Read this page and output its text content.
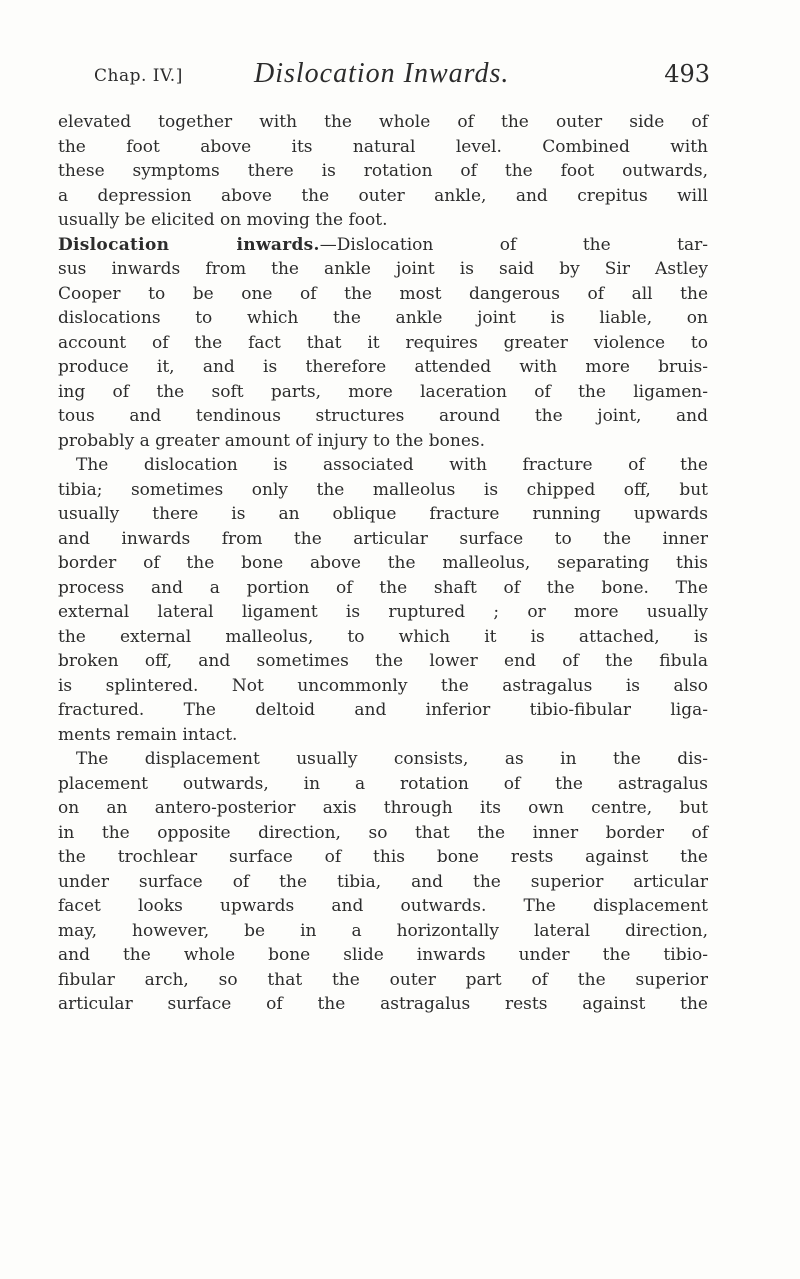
Chap. IV.]	Dislocation Inwards.	493
elevated together with the whole of the outer side of
the foot above its natural level. Combined with
these symptoms there is rotation of the foot outwards,
a depression above the outer ankle, and crepitus will
usually be elicited on moving the foot.
Dislocation inwards.—Dislocation of the tar-
sus inwards from the ankle joint is said by Sir Astley
Cooper to be one of the most dangerous of all the
dislocations to which the ankle joint is liable, on
account of the fact that it requires greater violence to
produce it, and is therefore attended with more bruis-
ing of the soft parts, more laceration of the ligamen-
tous and tendinous structures around the joint, and
probably a greater amount of injury to the bones.
The dislocation is associated with fracture of the
tibia; sometimes only the malleolus is chipped off, but
usually there is an oblique fracture running upwards
and inwards from the articular surface to the inner
border of the bone above the malleolus, separating this
process and a portion of the shaft of the bone. The
external lateral ligament is ruptured ; or more usually
the external malleolus, to which it is attached, is
broken off, and sometimes the lower end of the fibula
is splintered. Not uncommonly the astragalus is also
fractured. The deltoid and inferior tibio-fibular liga-
ments remain intact.
The displacement usually consists, as in the dis-
placement outwards, in a rotation of the astragalus
on an antero-posterior axis through its own centre, but
in the opposite direction, so that the inner border of
the trochlear surface of this bone rests against the
under surface of the tibia, and the superior articular
facet looks upwards and outwards. The displacement
may, however, be in a horizontally lateral direction,
and the whole bone slide inwards under the tibio-
fibular arch, so that the outer part of the superior
articular surface of the astragalus rests against the
